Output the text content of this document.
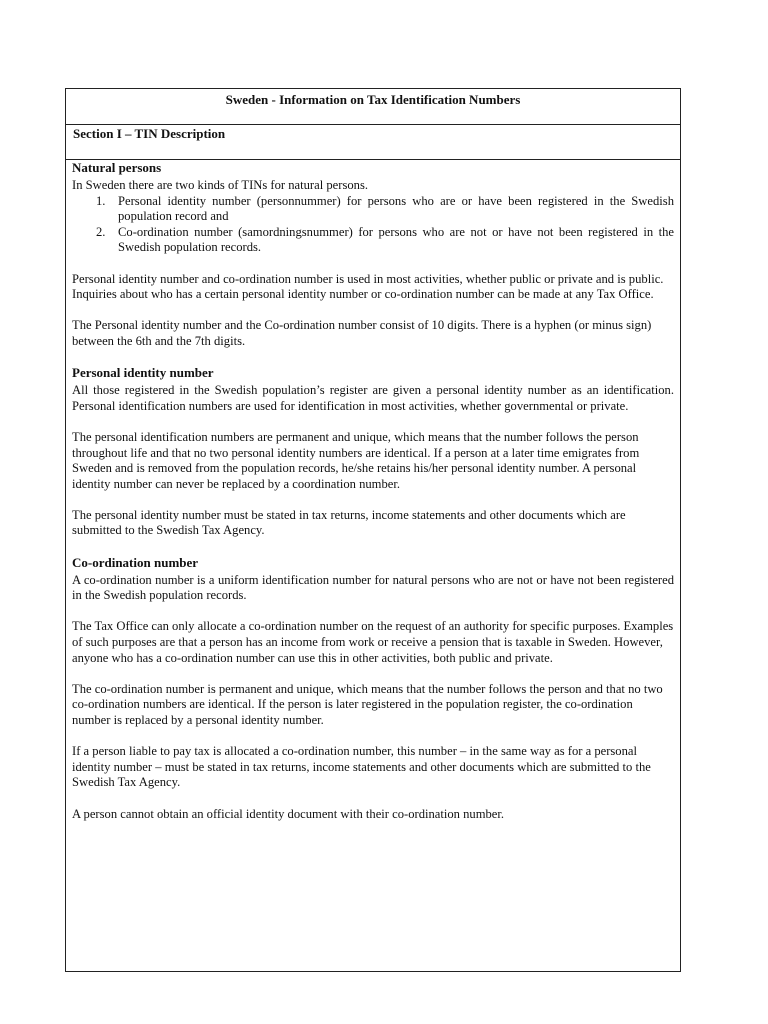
Sweden - Information on Tax Identification Numbers
Section I – TIN Description
Natural persons

In Sweden there are two kinds of TINs for natural persons.

1. Personal identity number (personnummer) for persons who are or have been registered in the Swedish population record and
2. Co-ordination number (samordningsnummer) for persons who are not or have not been registered in the Swedish population records.

Personal identity number and co-ordination number is used in most activities, whether public or private and is public. Inquiries about who has a certain personal identity number or co-ordination number can be made at any Tax Office.

The Personal identity number and the Co-ordination number consist of 10 digits. There is a hyphen (or minus sign) between the 6th and the 7th digits.

Personal identity number

All those registered in the Swedish population’s register are given a personal identity number as an identification. Personal identification numbers are used for identification in most activities, whether governmental or private.

The personal identification numbers are permanent and unique, which means that the number follows the person throughout life and that no two personal identity numbers are identical. If a person at a later time emigrates from Sweden and is removed from the population records, he/she retains his/her personal identity number. A personal identity number can never be replaced by a coordination number.

The personal identity number must be stated in tax returns, income statements and other documents which are submitted to the Swedish Tax Agency.

Co-ordination number

A co-ordination number is a uniform identification number for natural persons who are not or have not been registered in the Swedish population records.

The Tax Office can only allocate a co-ordination number on the request of an authority for specific purposes. Examples of such purposes are that a person has an income from work or receive a pension that is taxable in Sweden. However, anyone who has a co-ordination number can use this in other activities, both public and private.

The co-ordination number is permanent and unique, which means that the number follows the person and that no two co-ordination numbers are identical. If the person is later registered in the population register, the co-ordination number is replaced by a personal identity number.

If a person liable to pay tax is allocated a co-ordination number, this number – in the same way as for a personal identity number – must be stated in tax returns, income statements and other documents which are submitted to the Swedish Tax Agency.

A person cannot obtain an official identity document with their co-ordination number.
